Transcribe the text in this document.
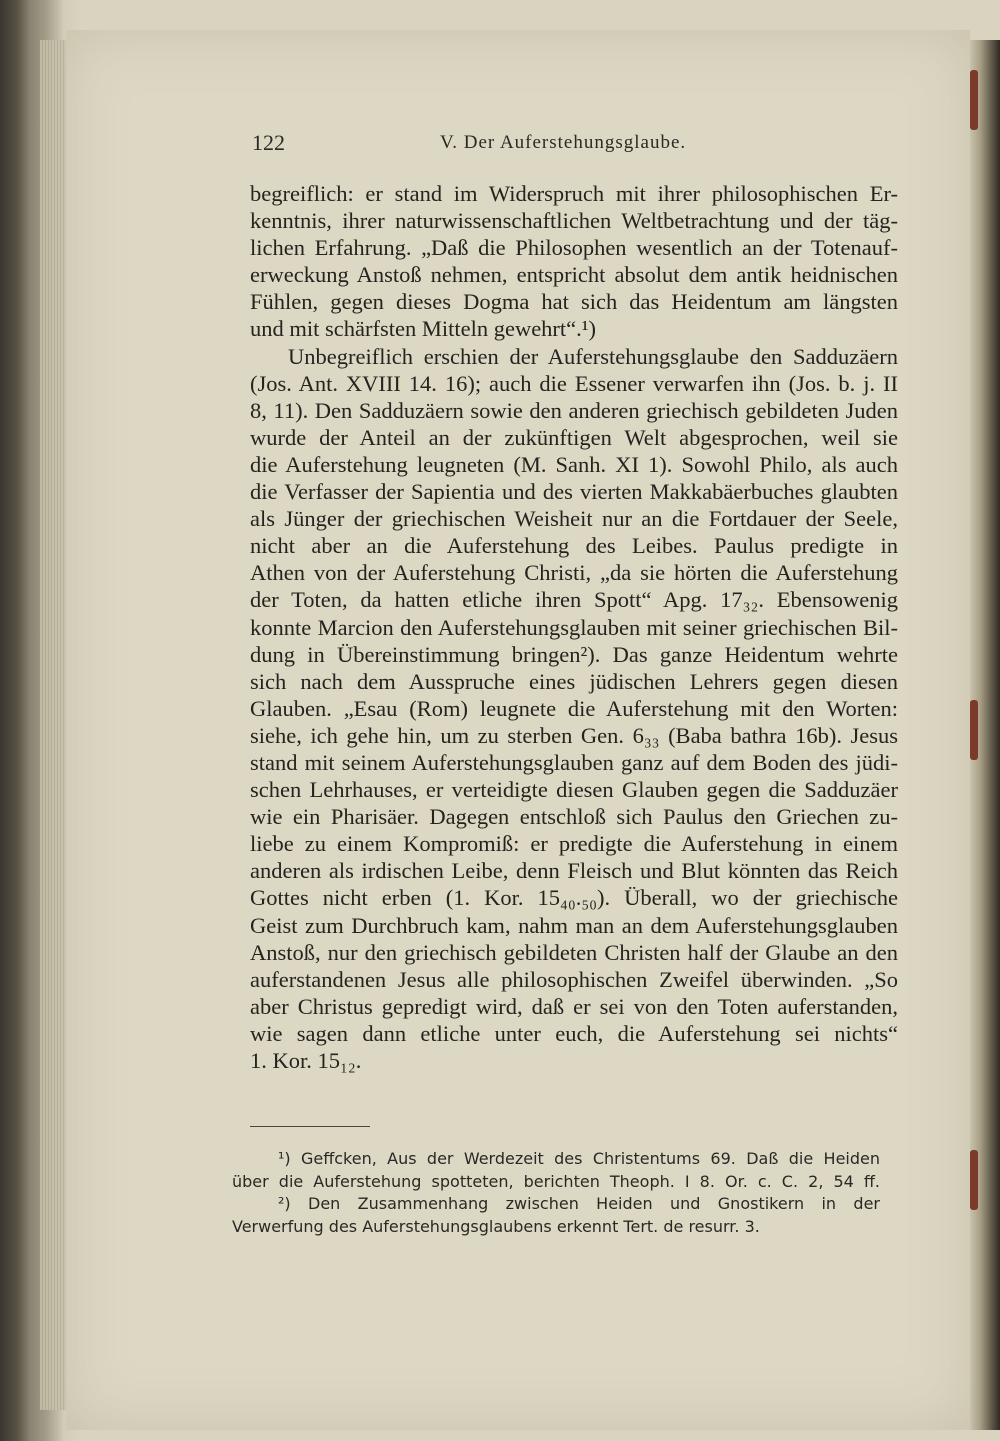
122	V. Der Auferstehungsglaube.
begreiflich: er stand im Widerspruch mit ihrer philosophischen Er-
kenntnis, ihrer naturwissenschaftlichen Weltbetrachtung und der täg-
lichen Erfahrung. „Daß die Philosophen wesentlich an der Totenauf-
erweckung Anstoß nehmen, entspricht absolut dem antik heidnischen
Fühlen, gegen dieses Dogma hat sich das Heidentum am längsten
und mit schärfsten Mitteln gewehrt“.¹)
Unbegreiflich erschien der Auferstehungsglaube den Sadduzäern
(Jos. Ant. XVIII 14. 16); auch die Essener verwarfen ihn (Jos. b. j. II
8, 11). Den Sadduzäern sowie den anderen griechisch gebildeten Juden
wurde der Anteil an der zukünftigen Welt abgesprochen, weil sie
die Auferstehung leugneten (M. Sanh. XI 1). Sowohl Philo, als auch
die Verfasser der Sapientia und des vierten Makkabäerbuches glaubten
als Jünger der griechischen Weisheit nur an die Fortdauer der Seele,
nicht aber an die Auferstehung des Leibes. Paulus predigte in
Athen von der Auferstehung Christi, „da sie hörten die Auferstehung
der Toten, da hatten etliche ihren Spott“ Apg. 17₃₂. Ebensowenig
konnte Marcion den Auferstehungsglauben mit seiner griechischen Bil-
dung in Übereinstimmung bringen²). Das ganze Heidentum wehrte
sich nach dem Ausspruche eines jüdischen Lehrers gegen diesen
Glauben. „Esau (Rom) leugnete die Auferstehung mit den Worten:
siehe, ich gehe hin, um zu sterben Gen. 6₃₃ (Baba bathra 16b). Jesus
stand mit seinem Auferstehungsglauben ganz auf dem Boden des jüdi-
schen Lehrhauses, er verteidigte diesen Glauben gegen die Sadduzäer
wie ein Pharisäer. Dagegen entschloß sich Paulus den Griechen zu-
liebe zu einem Kompromiß: er predigte die Auferstehung in einem
anderen als irdischen Leibe, denn Fleisch und Blut könnten das Reich
Gottes nicht erben (1. Kor. 15₄₀.₅₀). Überall, wo der griechische
Geist zum Durchbruch kam, nahm man an dem Auferstehungsglauben
Anstoß, nur den griechisch gebildeten Christen half der Glaube an den
auferstandenen Jesus alle philosophischen Zweifel überwinden. „So
aber Christus gepredigt wird, daß er sei von den Toten auferstanden,
wie sagen dann etliche unter euch, die Auferstehung sei nichts“
1. Kor. 15₁₂.
¹) Geffcken, Aus der Werdezeit des Christentums 69. Daß die Heiden
über die Auferstehung spotteten, berichten Theoph. I 8. Or. c. C. 2, 54 ff.
²) Den Zusammenhang zwischen Heiden und Gnostikern in der
Verwerfung des Auferstehungsglaubens erkennt Tert. de resurr. 3.
